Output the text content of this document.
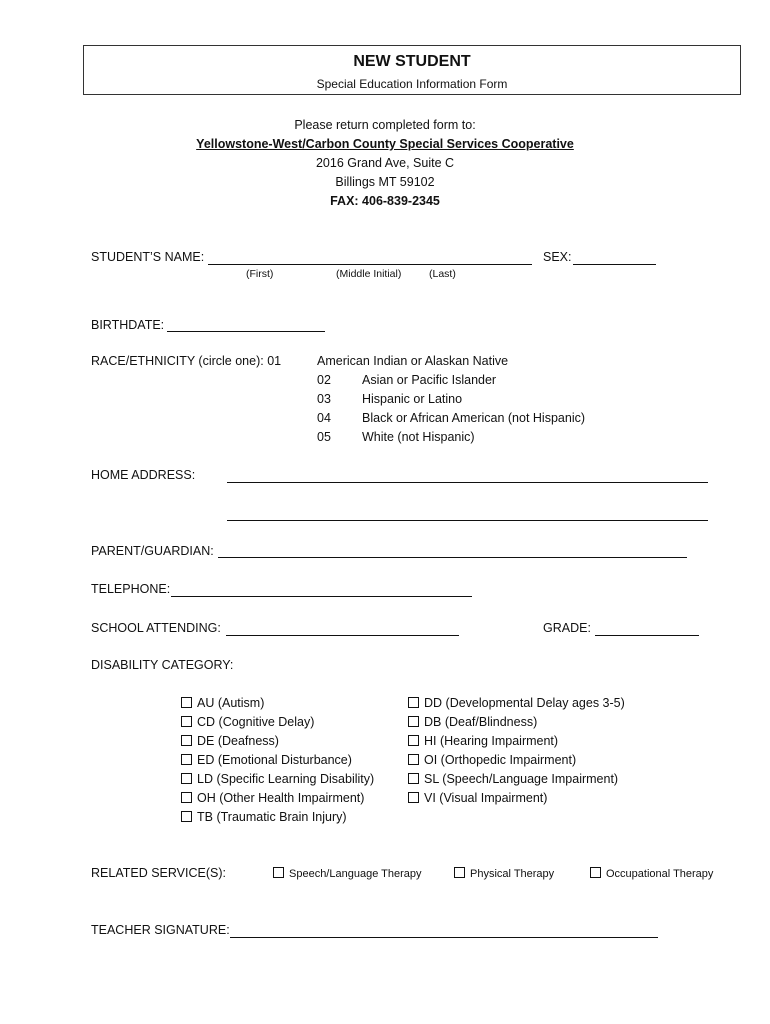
NEW STUDENT
Special Education Information Form
Please return completed form to:
Yellowstone-West/Carbon County Special Services Cooperative
2016 Grand Ave, Suite C
Billings MT 59102
FAX: 406-839-2345
STUDENT’S NAME:
(First)	(Middle Initial)	(Last)
SEX:
BIRTHDATE:
RACE/ETHNICITY (circle one): 01	American Indian or Alaskan Native
02 Asian or Pacific Islander
03 Hispanic or Latino
04 Black or African American (not Hispanic)
05 White (not Hispanic)
HOME ADDRESS:
PARENT/GUARDIAN:
TELEPHONE:
SCHOOL ATTENDING:	GRADE:
DISABILITY CATEGORY:
AU (Autism)
CD (Cognitive Delay)
DE (Deafness)
ED (Emotional Disturbance)
LD (Specific Learning Disability)
OH (Other Health Impairment)
TB (Traumatic Brain Injury)
DD (Developmental Delay ages 3-5)
DB (Deaf/Blindness)
HI (Hearing Impairment)
OI (Orthopedic Impairment)
SL (Speech/Language Impairment)
VI (Visual Impairment)
RELATED SERVICE(S):	Speech/Language Therapy	Physical Therapy	Occupational Therapy
TEACHER SIGNATURE:
